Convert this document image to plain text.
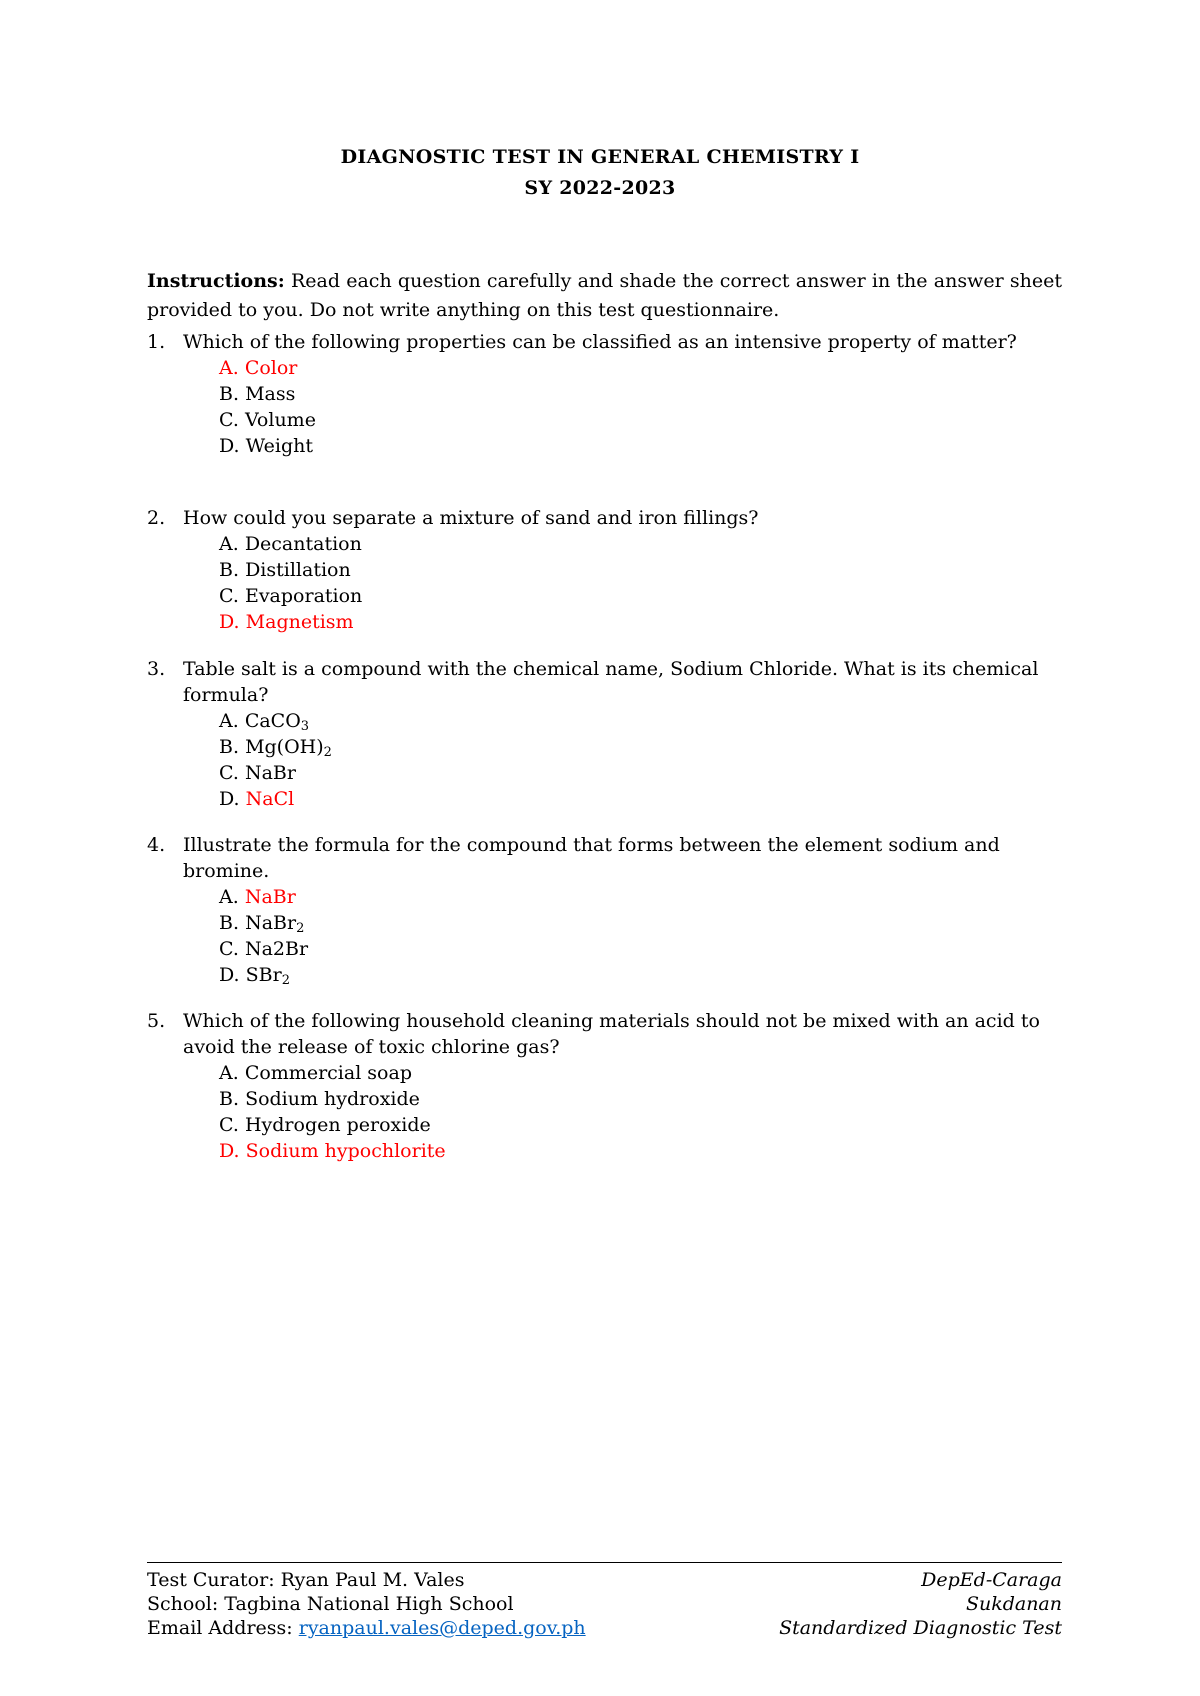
DIAGNOSTIC TEST IN GENERAL CHEMISTRY I
SY 2022-2023
Instructions: Read each question carefully and shade the correct answer in the answer sheet provided to you. Do not write anything on this test questionnaire.
1. Which of the following properties can be classified as an intensive property of matter?
A. Color
B. Mass
C. Volume
D. Weight
2. How could you separate a mixture of sand and iron fillings?
A. Decantation
B. Distillation
C. Evaporation
D. Magnetism
3. Table salt is a compound with the chemical name, Sodium Chloride. What is its chemical formula?
A. CaCO$_3$
B. $Mg(OH)_2$
C. NaBr
D. NaCl
4. Illustrate the formula for the compound that forms between the element sodium and bromine.
A. NaBr
B. NaBr$_2$
C. Na2Br
D. SBr$_2$
5. Which of the following household cleaning materials should not be mixed with an acid to avoid the release of toxic chlorine gas?
A. Commercial soap
B. Sodium hydroxide
C. Hydrogen peroxide
D. Sodium hypochlorite
Test Curator: Ryan Paul M. Vales
School: Tagbina National High School
Email Address: ryanpaul.vales@deped.gov.ph
DepEd-Caraga
Sukdanan
Standardized Diagnostic Test
